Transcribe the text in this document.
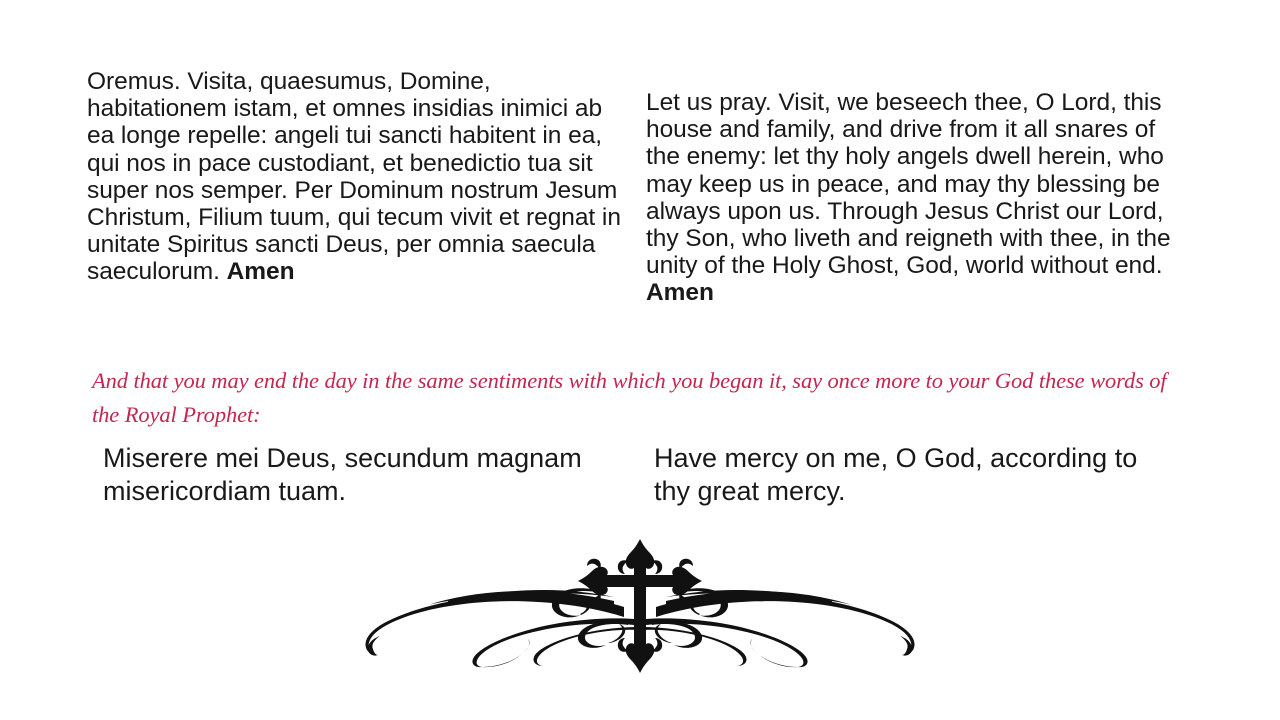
Oremus. Visita, quaesumus, Domine, habitationem istam, et omnes insidias inimici ab ea longe repelle: angeli tui sancti habitent in ea, qui nos in pace custodiant, et benedictio tua sit super nos semper. Per Dominum nostrum Jesum Christum, Filium tuum, qui tecum vivit et regnat in unitate Spiritus sancti Deus, per omnia saecula saeculorum. Amen
Let us pray. Visit, we beseech thee, O Lord, this house and family, and drive from it all snares of the enemy: let thy holy angels dwell herein, who may keep us in peace, and may thy blessing be always upon us. Through Jesus Christ our Lord, thy Son, who liveth and reigneth with thee, in the unity of the Holy Ghost, God, world without end. Amen
And that you may end the day in the same sentiments with which you began it, say once more to your God these words of the Royal Prophet:
Miserere mei Deus, secundum magnam misericordiam tuam.
Have mercy on me, O God, according to thy great mercy.
